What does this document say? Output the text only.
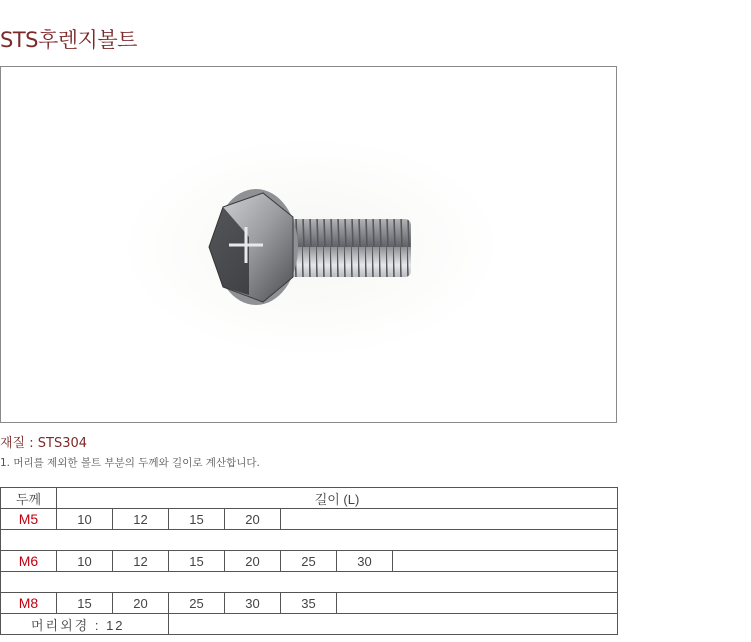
STS후렌지볼트
재질 : STS304
1. 머리를 제외한 볼트 부분의 두께와 길이로 계산합니다.
두께	길이 (L)						
M5	10	12	15	20			

M6	10	12	15	20	25	30	

M8	15	20	25	30	35		
머리외경 : 12							
